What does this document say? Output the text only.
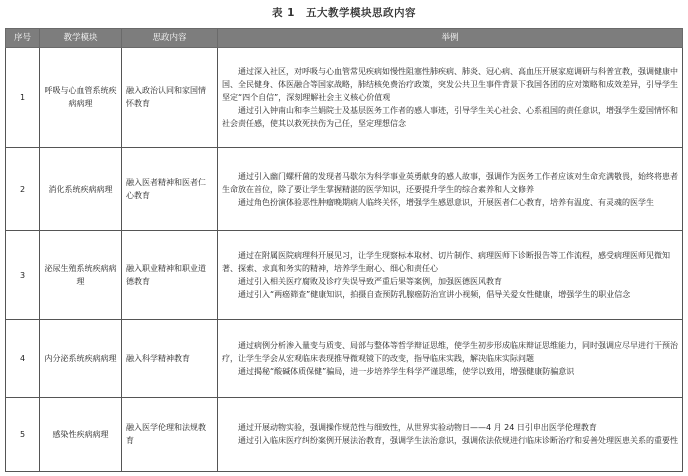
表 1　五大教学模块思政内容
序号	教学模块	思政内容	举例
1	呼吸与心血管系统疾病病理	融入政治认同和家国情怀教育	通过深入社区，对呼吸与心血管常见疾病如慢性阻塞性肺疾病、肺炎、冠心病、高血压开展家庭调研与科普宣教，强调健康中国、全民健身、体医融合等国家战略，肺结核免费治疗政策，突发公共卫生事件背景下我国各团的应对策略和成效差异，引导学生坚定“四个自信”，深刻理解社会主义核心价值观
通过引入钟南山和李兰娟院士及基层医务工作者的感人事迹，引导学生关心社会、心系祖国的责任意识，增强学生爱国情怀和社会责任感，使其以救死扶伤为己任，坚定理想信念

2	消化系统疾病病理	融入医者精神和医者仁心教育	通过引入幽门螺杆菌的发现者马歇尔为科学事业英勇献身的感人故事，强调作为医务工作者应该对生命充满敬畏，始终将患者生命放在首位，除了要让学生掌握精湛的医学知识，还要提升学生的综合素养和人文修养
通过角色扮演体验恶性肿瘤晚期病人临终关怀，增强学生感恩意识，开展医者仁心教育，培养有温度、有灵魂的医学生

3	泌尿生殖系统疾病病理	融入职业精神和职业道德教育	通过在附属医院病理科开展见习，让学生现察标本取材、切片制作、病理医师下诊断报告等工作流程，感受病理医师见微知著、探索、求真和务实的精神，培养学生耐心、细心和责任心
通过引入相关医疗腐败及诊疗失误导致严重后果等案例，加强医德医风教育
通过引入“两癌筛查”健康知识，拍摄自查预防乳腺癌防治宣讲小视频，倡导关爱女性健康，增强学生的职业信念

4	内分泌系统疾病病理	融入科学精神教育	通过病例分析渗入量变与质变、局部与整体等哲学辩证思维，使学生初步形成临床辩证思维能力，同时强调应尽早进行干预治疗，让学生学会从宏观临床表现推导微观镜下的改变，指导临床实践，解决临床实际问题
通过揭秘“酸碱体质保健”骗局，进一步培养学生科学严谨思维，使学以致用，增强健康防骗意识

5	感染性疾病病理	融入医学伦理和法规教育	通过开展动物实验，强调操作规范性与细致性，从世界实验动物日——4 月 24 日引申出医学伦理教育
通过引入临床医疗纠纷案例开展法治教育，强调学生法治意识，强调依法依规进行临床诊断治疗和妥善处理医患关系的重要性
